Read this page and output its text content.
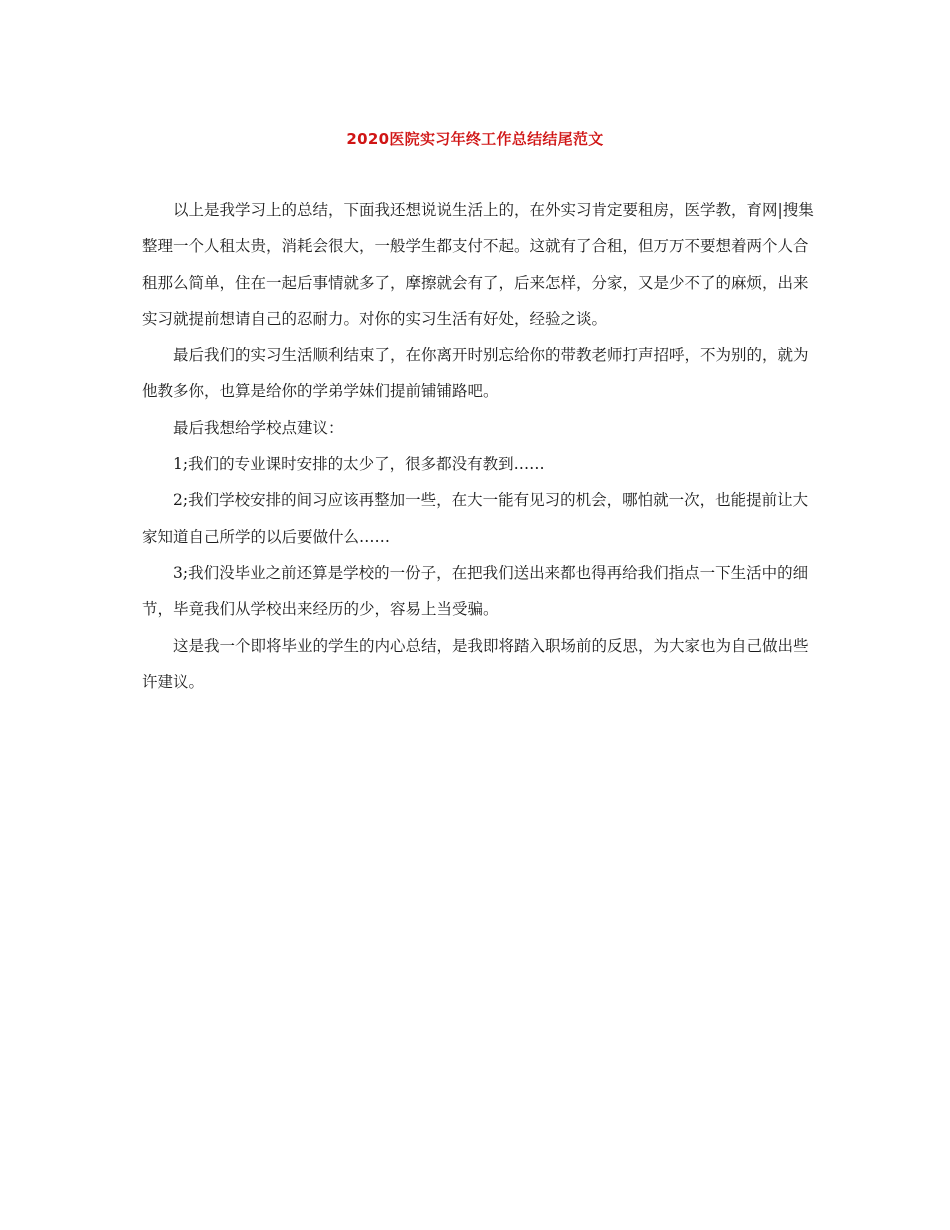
2020医院实习年终工作总结结尾范文

以上是我学习上的总结，下面我还想说说生活上的，在外实习肯定要租房，医学教，育网|搜集整理一个人租太贵，消耗会很大，一般学生都支付不起。这就有了合租，但万万不要想着两个人合租那么简单，住在一起后事情就多了，摩擦就会有了，后来怎样，分家，又是少不了的麻烦，出来实习就提前想请自己的忍耐力。对你的实习生活有好处，经验之谈。

最后我们的实习生活顺利结束了，在你离开时别忘给你的带教老师打声招呼，不为别的，就为他教多你，也算是给你的学弟学妹们提前铺铺路吧。

最后我想给学校点建议：

1;我们的专业课时安排的太少了，很多都没有教到……

2;我们学校安排的间习应该再整加一些，在大一能有见习的机会，哪怕就一次，也能提前让大家知道自己所学的以后要做什么……

3;我们没毕业之前还算是学校的一份子，在把我们送出来都也得再给我们指点一下生活中的细节，毕竟我们从学校出来经历的少，容易上当受骗。

这是我一个即将毕业的学生的内心总结，是我即将踏入职场前的反思，为大家也为自己做出些许建议。
